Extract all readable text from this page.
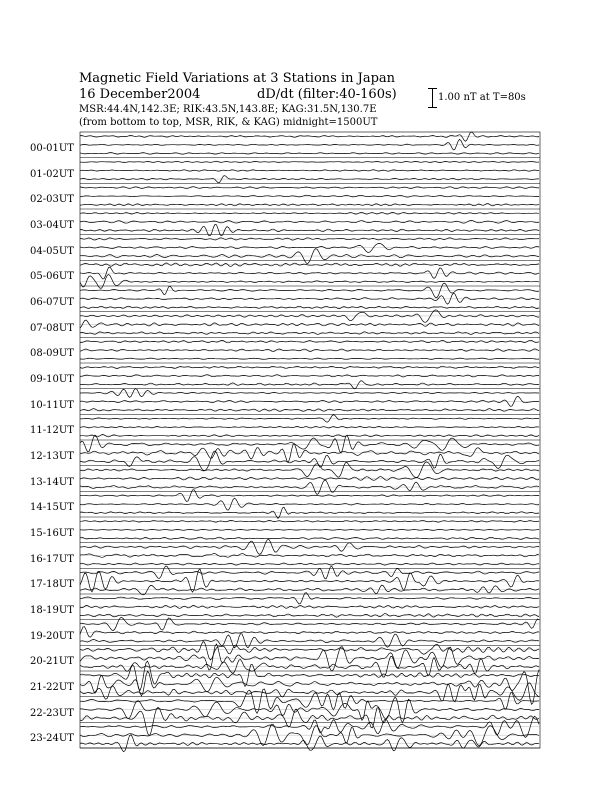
Magnetic Field Variations at 3 Stations in Japan
16 December2004	dD/dt (filter:40-160s)
MSR:44.4N,142.3E; RIK:43.5N,143.8E; KAG:31.5N,130.7E
(from bottom to top, MSR, RIK, & KAG) midnight=1500UT
1.00 nT at T=80s
00-01UT
01-02UT
02-03UT
03-04UT
04-05UT
05-06UT
06-07UT
07-08UT
08-09UT
09-10UT
10-11UT
11-12UT
12-13UT
13-14UT
14-15UT
15-16UT
16-17UT
17-18UT
18-19UT
19-20UT
20-21UT
21-22UT
22-23UT
23-24UT
